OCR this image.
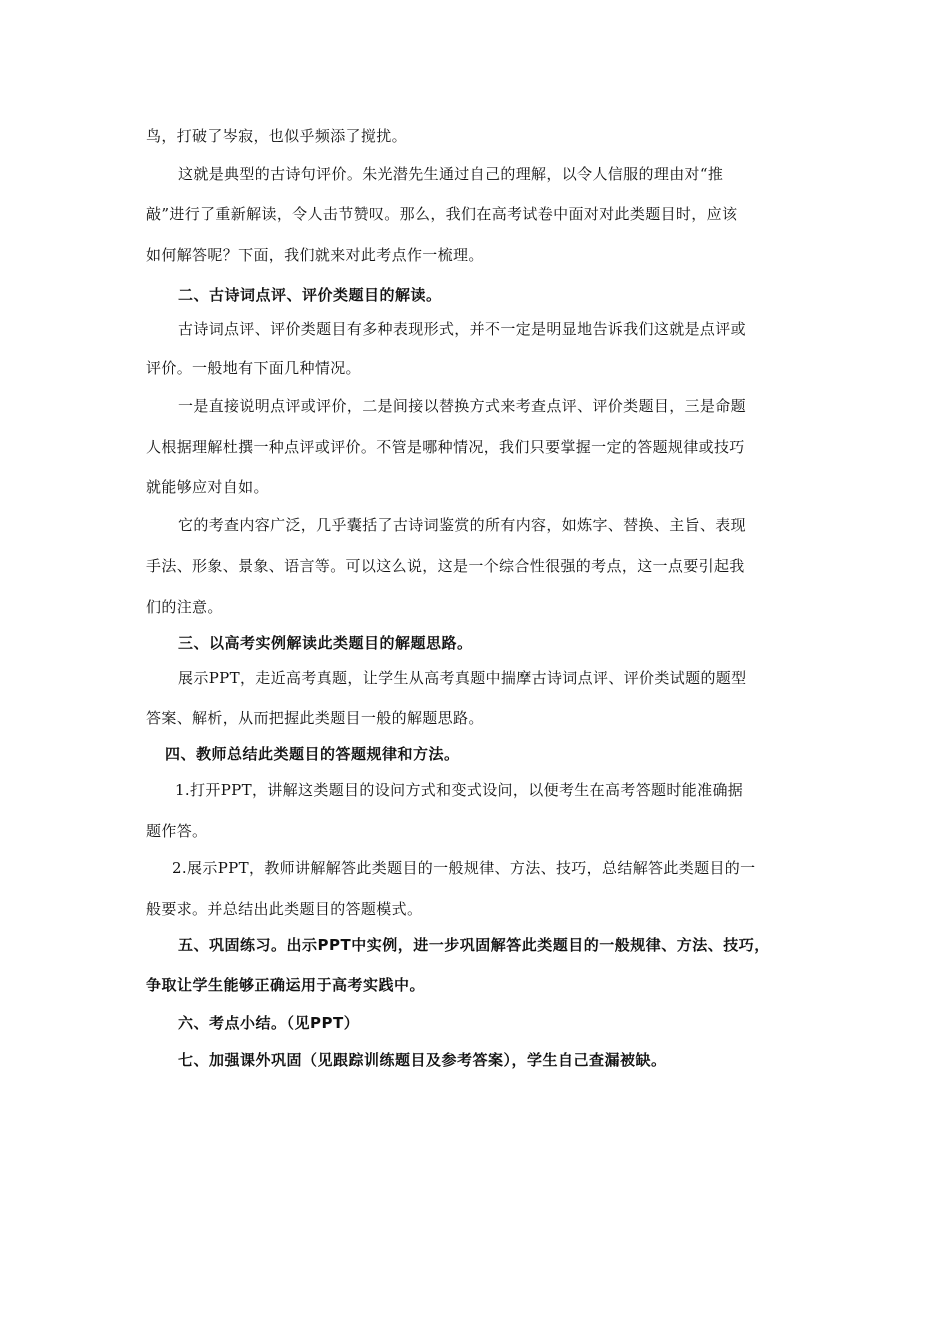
鸟，打破了岑寂，也似乎频添了搅扰。
这就是典型的古诗句评价。朱光潜先生通过自己的理解，以令人信服的理由对“推
敲”进行了重新解读，令人击节赞叹。那么，我们在高考试卷中面对对此类题目时，应该
如何解答呢？下面，我们就来对此考点作一梳理。
二、古诗词点评、评价类题目的解读。
古诗词点评、评价类题目有多种表现形式，并不一定是明显地告诉我们这就是点评或
评价。一般地有下面几种情况。
一是直接说明点评或评价，二是间接以替换方式来考查点评、评价类题目，三是命题
人根据理解杜撰一种点评或评价。不管是哪种情况，我们只要掌握一定的答题规律或技巧
就能够应对自如。
它的考查内容广泛，几乎囊括了古诗词鉴赏的所有内容，如炼字、替换、主旨、表现
手法、形象、景象、语言等。可以这么说，这是一个综合性很强的考点，这一点要引起我
们的注意。
三、以高考实例解读此类题目的解题思路。
展示PPT，走近高考真题，让学生从高考真题中揣摩古诗词点评、评价类试题的题型
答案、解析，从而把握此类题目一般的解题思路。
四、教师总结此类题目的答题规律和方法。
1.打开PPT，讲解这类题目的设问方式和变式设问，以便考生在高考答题时能准确据
题作答。
2.展示PPT，教师讲解解答此类题目的一般规律、方法、技巧，总结解答此类题目的一
般要求。并总结出此类题目的答题模式。
五、巩固练习。出示PPT中实例，进一步巩固解答此类题目的一般规律、方法、技巧，
争取让学生能够正确运用于高考实践中。
六、考点小结。（见PPT）
七、加强课外巩固（见跟踪训练题目及参考答案），学生自己查漏被缺。
